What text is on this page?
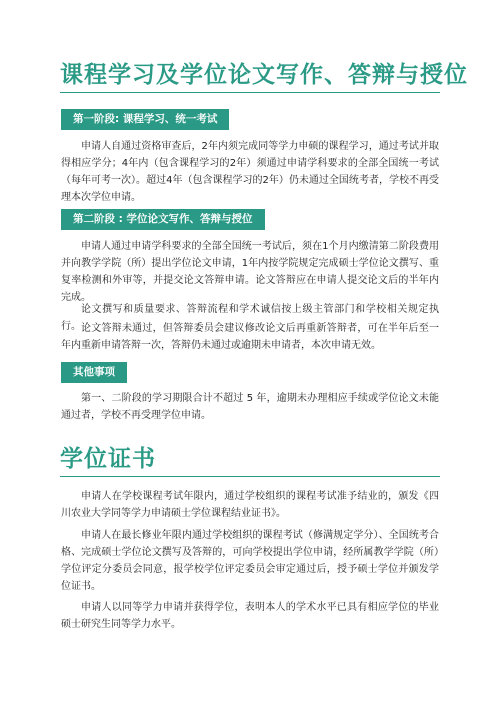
课程学习及学位论文写作、答辩与授位
第一阶段: 课程学习、统一考试

申请人自通过资格审查后，2年内须完成同等学力申硕的课程学习，通过考试并取得相应学分；4年内（包含课程学习的2年）须通过申请学科要求的全部全国统一考试（每年可考一次）。超过4年（包含课程学习的2年）仍未通过全国统考者，学校不再受理本次学位申请。

第二阶段 : 学位论文写作、答辩与授位

申请人通过申请学科要求的全部全国统一考试后，须在1个月内缴清第二阶段费用并向教学学院（所）提出学位论文申请，1年内按学院规定完成硕士学位论文撰写、重复率检测和外审等，并提交论文答辩申请。论文答辩应在申请人提交论文后的半年内完成。

论文撰写和质量要求、答辩流程和学术诚信按上级主管部门和学校相关规定执行。 论文答辩未通过，但答辩委员会建议修改论文后再重新答辩者，可在半年后至一年内重新申请答辩一次，答辩仍未通过或逾期未申请者，本次申请无效。

其他事项

第一、二阶段的学习期限合计不超过 5 年，逾期未办理相应手续或学位论文未能通过者，学校不再受理学位申请。

学位证书

申请人在学校课程考试年限内，通过学校组织的课程考试准予结业的，颁发《四川农业大学同等学力申请硕士学位课程结业证书》。

申请人在最长修业年限内通过学校组织的课程考试（修满规定学分）、全国统考合格、完成硕士学位论文撰写及答辩的，可向学校提出学位申请，经所属教学学院（所）学位评定分委员会同意，报学校学位评定委员会审定通过后，授予硕士学位并颁发学位证书。

申请人以同等学力申请并获得学位，表明本人的学术水平已具有相应学位的毕业硕士研究生同等学力水平。
